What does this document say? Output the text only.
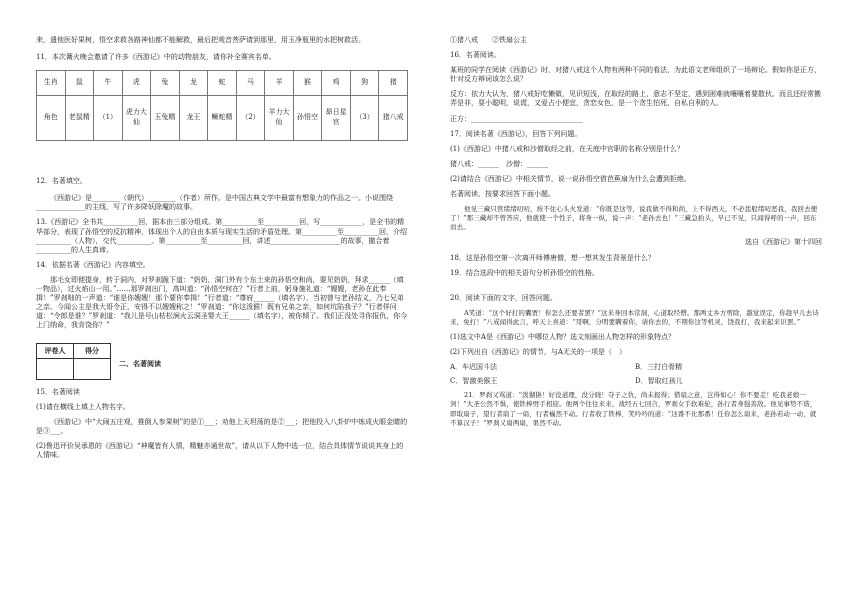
来，遣他医好果树，悟空求救各路神仙都不能解救，最后把观音菩萨请到那里，用玉净瓶里的水把树救活。

11．本次篝火晚会邀请了许多《西游记》中的动物朋友，请你补全赛宾名单。

生肖	鼠	牛	虎	兔	龙	蛇	马	羊	猴	鸡	狗	猪
角色	老鼠精	（1）	虎力大仙	玉兔精	龙王	鳜蛇精	（2）	羊力大仙	孙悟空	昴日星官	（3）	猪八戒

12．名著填空。

《西游记》是________（朝代）________（作者）所作。是中国古典文学中最富有想象力的作品之一。小说围绕______________的主线，写了许多降妖除魔的故事。

13.《西游记》全书共__________回，据本由三部分组成。第__________至__________回，写____________，是全书的精华部分，表现了孙悟空的反抗精神，体现出个人的自由本质与现实生活的矛盾处理。第__________至__________回，介绍__________（人物），交代__________。第__________至__________回，讲述____________________的故事，撤合着__________的人生真谛。

14．依据名著《西游记》内容填空。

那毛女即便提身，转于洞内，对罗刹跪下道：“奶奶，洞门外有个东土来的孙悟空和尚，要见奶奶，拜求______（填一物品），过火焰山一用。”……那罗刹出门，高叫道：“孙悟空何在？”行者上前，躬身施礼道：“嫂嫂，老孙在此奉揖！”罗刹咄的一声道：“谁是你嫂嫂！那个要你奉揖！”行者道：“尊府______（填名字），当初曾与老孙结义，乃七兄弟之亲。今闻公主是我大哥令正，安得不以嫂嫂称之！”罗刹道：“你这泼猴！既有兄弟之亲，如何坑陷我子？”行者佯问道：“令郎是谁？”罗刹道：“我儿是号山枯松涧火云洞圣婴大王______（填名字），被你倾了。我们正没处寻你报仇，你今上门纳命，我肯饶你？”

评卷人	得分

二、名著阅读

15．名著阅读

(1)请在横线上填上人物名字。

《西游记》中“大闹五庄观，推倒人参果树”的是①___；劝他上天坦荡的是②___；把他投入八卦炉中炼成火眼金睛的是③___。

(2)鲁迅评价吴承恩的《西游记》“神魔皆有人情，精魅亦通世故”，请从以下人物中选一位，结合具体情节说说其身上的人情味。

①猪八戒　　②铁扇公主

16．名著阅读。

某班的同学在阅读《西游记》时，对猪八戒这个人物有两种不同的看法，为此语文老师组织了一场辩论。假如你是正方，针对反方辩词该怎么说？

反方：依力大认为，猪八戒好吃懒做，见识短浅，在取经的路上，意志不坚定，遇到困难就嚷嚷着要散伙。而且还经常搬弄是非，耍小聪明，说谎，又爱占小便宜，贪恋女色，是一个贪生怕死、自私自利的人。

正方：________________________________

17．阅读名著《西游记》，回答下列问题。

(1)《西游记》中猪八戒和沙僧取经之前，在天庭中官职的名称分别是什么？

猪八戒：______　沙僧：______

(2)请结合《西游记》中相关情节，说一说孙悟空借芭蕉扇为什么会遭到拒绝。

名著阅读，按要求回答下面小题。

他见三藏只管绪绪叨叨，按不住心头火发道：“你既是这等，说我做不得和尚，上不得西天，不必恁般绪叨恶我，我回去便了！”那三藏却不曾答应，他就使一个性子，将身一纵，说一声：“老孙去也！”三藏急抬头，早已不见，只闻得呼的一声，回东而去。

选自《西游记》第十四回

18．这是孙悟空第一次离开师傅唐僧，想一想其发生背景是什么？

19．结合选段中的相关语句分析孙悟空的性格。

20．阅读下面的文字，回答问题。

A笑道：“这个好打的囊贾！你怎么还要者罢？”这来身回本常洞，心道取经僧。那两丈乡方剪除，越觉误定，你趁早儿去诗来，免打！”八戒闻得此言，呼天上喜道：“哥啊，分明要瞒着你，请你去的，不期你这等机灵，饶我打，我来起来识罢。”

(1)选文中A是《西游记》中哪位人物？选文刻画出人物怎样的形象特点？

(2)下列出自《西游记》的情节，与A无关的一项是（　）

A．车迟国斗法	B．三打白骨精
C．智激美猴王	D．智取红孩儿

21．罗刹又骂道：“泼猢狲！好没道理，没分晓！夺子之仇，尚未报得；借扇之意，岂得如心！你不要走！吃我老娘一剑！”大圣公然不惧，使铁棒劈手相迎。他两个往往来来，战经五七回合，罗刹女手软难轮，孙行者身强善敌。他见事势不谐，即取扇子，望行者扇了一扇，行者巍然不动。行者收了铁棒，笑吟吟的道：“这番不比那番！任你怎么扇来，老孙若动一动，就不算汉子！”罗刹又扇两扇，果然不动。
